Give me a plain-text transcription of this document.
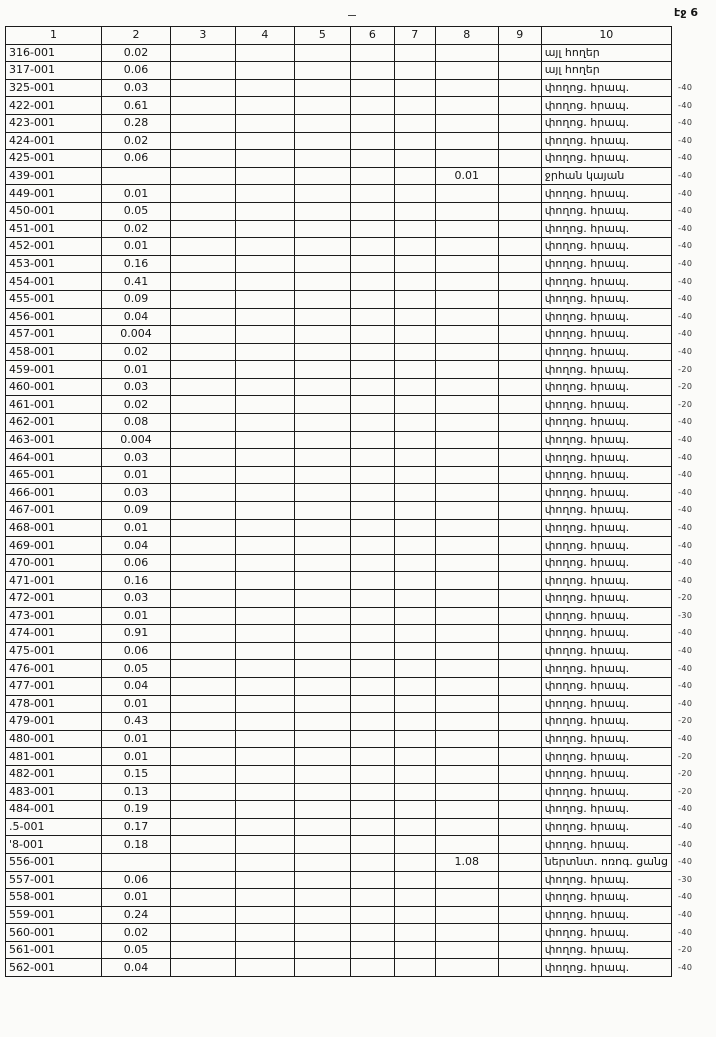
էջ 6
1	2	3	4	5	6	7	8	9	10	
316-001	0.02								այլ հողեր	
317-001	0.06								այլ հողեր	
325-001	0.03								փողոց. հրապ.	-40
422-001	0.61								փողոց. հրապ.	-40
423-001	0.28								փողոց. հրապ.	-40
424-001	0.02								փողոց. հրապ.	-40
425-001	0.06								փողոց. հրապ.	-40
439-001							0.01		ջրհան կայան	-40
449-001	0.01								փողոց. հրապ.	-40
450-001	0.05								փողոց. հրապ.	-40
451-001	0.02								փողոց. հրապ.	-40
452-001	0.01								փողոց. հրապ.	-40
453-001	0.16								փողոց. հրապ.	-40
454-001	0.41								փողոց. հրապ.	-40
455-001	0.09								փողոց. հրապ.	-40
456-001	0.04								փողոց. հրապ.	-40
457-001	0.004								փողոց. հրապ.	-40
458-001	0.02								փողոց. հրապ.	-40
459-001	0.01								փողոց. հրապ.	-20
460-001	0.03								փողոց. հրապ.	-20
461-001	0.02								փողոց. հրապ.	-20
462-001	0.08								փողոց. հրապ.	-40
463-001	0.004								փողոց. հրապ.	-40
464-001	0.03								փողոց. հրապ.	-40
465-001	0.01								փողոց. հրապ.	-40
466-001	0.03								փողոց. հրապ.	-40
467-001	0.09								փողոց. հրապ.	-40
468-001	0.01								փողոց. հրապ.	-40
469-001	0.04								փողոց. հրապ.	-40
470-001	0.06								փողոց. հրապ.	-40
471-001	0.16								փողոց. հրապ.	-40
472-001	0.03								փողոց. հրապ.	-20
473-001	0.01								փողոց. հրապ.	-30
474-001	0.91								փողոց. հրապ.	-40
475-001	0.06								փողոց. հրապ.	-40
476-001	0.05								փողոց. հրապ.	-40
477-001	0.04								փողոց. հրապ.	-40
478-001	0.01								փողոց. հրապ.	-40
479-001	0.43								փողոց. հրապ.	-20
480-001	0.01								փողոց. հրապ.	-40
481-001	0.01								փողոց. հրապ.	-20
482-001	0.15								փողոց. հրապ.	-20
483-001	0.13								փողոց. հրապ.	-20
484-001	0.19								փողոց. հրապ.	-40
.5-001	0.17								փողոց. հրապ.	-40
'8-001	0.18								փողոց. հրապ.	-40
556-001							1.08		ներտնտ. ոռոգ. ցանց	-40
557-001	0.06								փողոց. հրապ.	-30
558-001	0.01								փողոց. հրապ.	-40
559-001	0.24								փողոց. հրապ.	-40
560-001	0.02								փողոց. հրապ.	-40
561-001	0.05								փողոց. հրապ.	-20
562-001	0.04								փողոց. հրապ.	-40
